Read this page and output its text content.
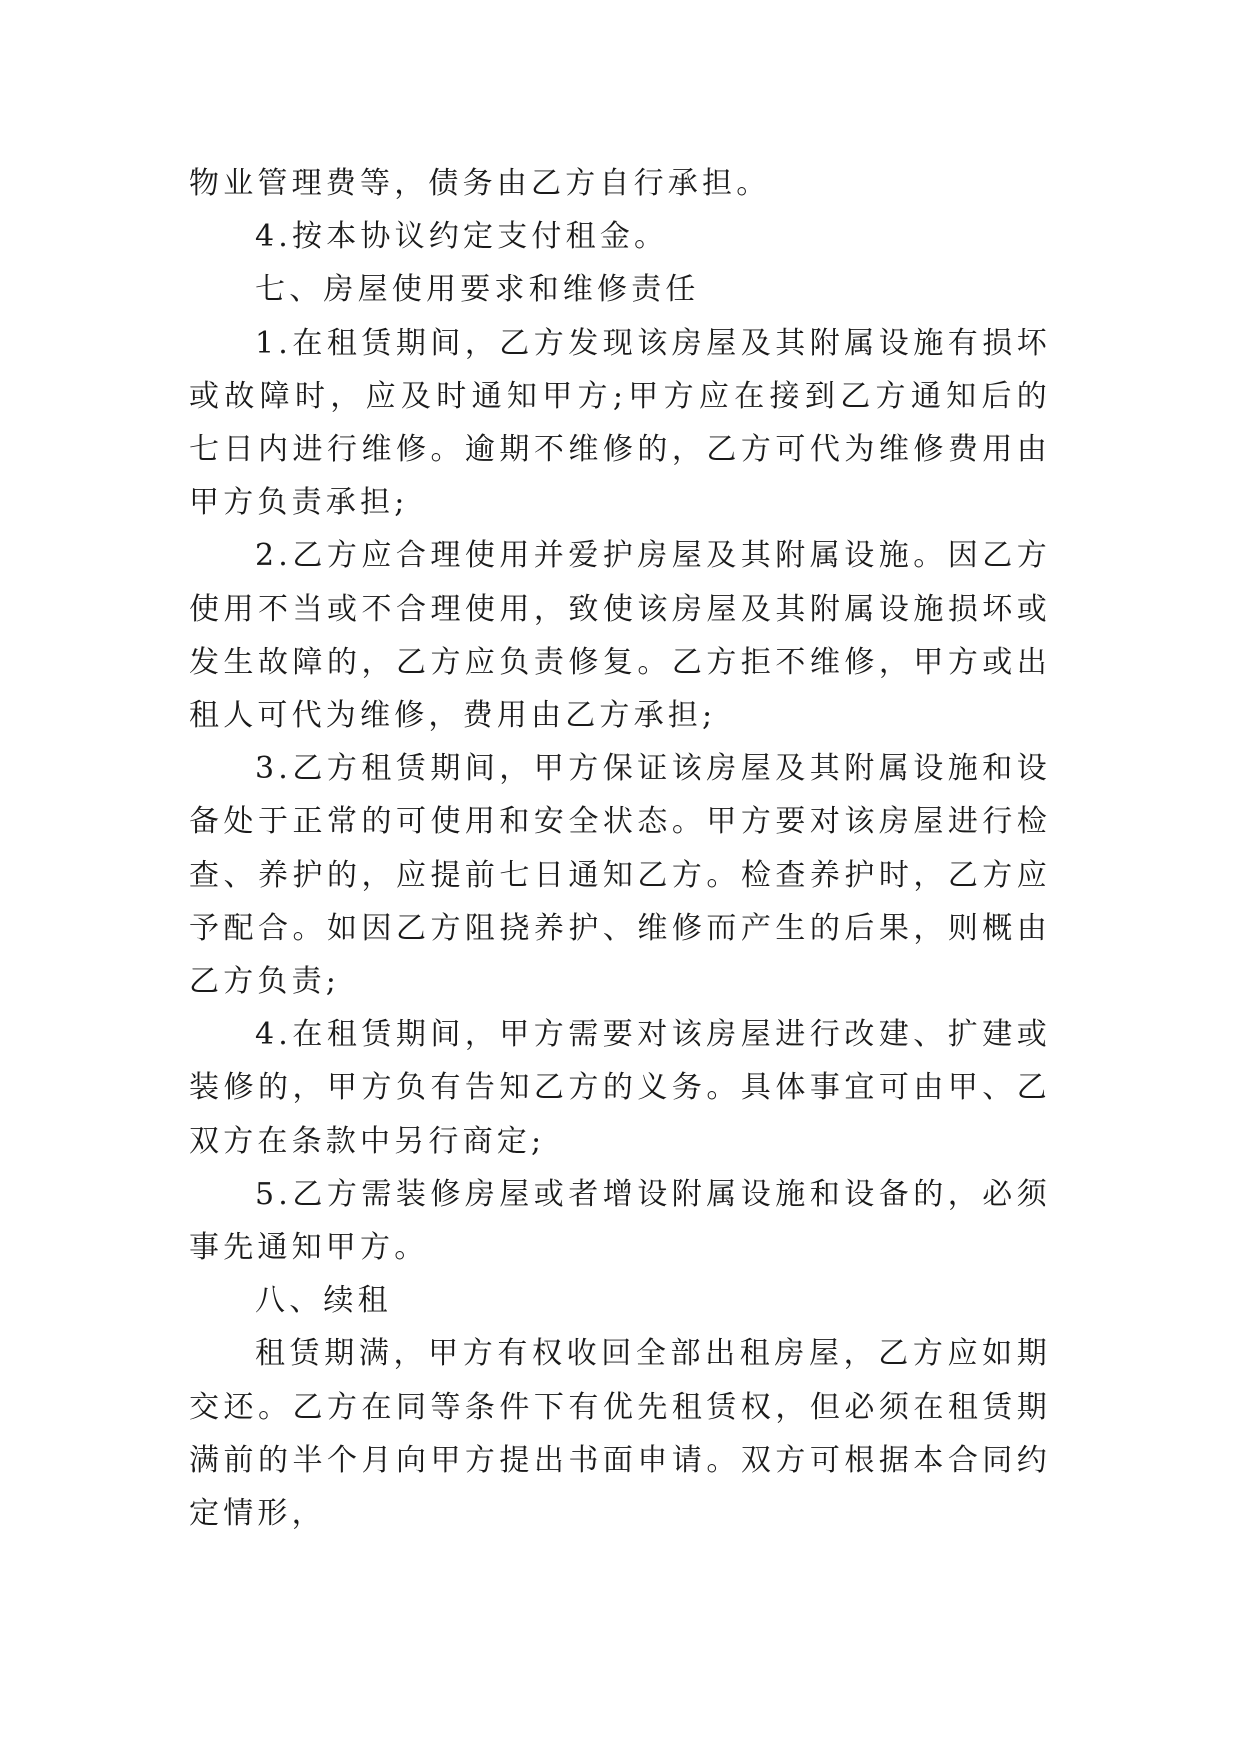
物业管理费等，债务由乙方自行承担。

4.按本协议约定支付租金。

七、房屋使用要求和维修责任

1.在租赁期间，乙方发现该房屋及其附属设施有损坏或故障时，应及时通知甲方;甲方应在接到乙方通知后的七日内进行维修。逾期不维修的，乙方可代为维修费用由甲方负责承担;

2.乙方应合理使用并爱护房屋及其附属设施。因乙方使用不当或不合理使用，致使该房屋及其附属设施损坏或发生故障的，乙方应负责修复。乙方拒不维修，甲方或出租人可代为维修，费用由乙方承担;

3.乙方租赁期间，甲方保证该房屋及其附属设施和设备处于正常的可使用和安全状态。甲方要对该房屋进行检查、养护的，应提前七日通知乙方。检查养护时，乙方应予配合。如因乙方阻挠养护、维修而产生的后果，则概由乙方负责;

4.在租赁期间，甲方需要对该房屋进行改建、扩建或装修的，甲方负有告知乙方的义务。具体事宜可由甲、乙双方在条款中另行商定;

5.乙方需装修房屋或者增设附属设施和设备的，必须事先通知甲方。

八、续租

租赁期满，甲方有权收回全部出租房屋，乙方应如期交还。乙方在同等条件下有优先租赁权，但必须在租赁期满前的半个月向甲方提出书面申请。双方可根据本合同约定情形，
